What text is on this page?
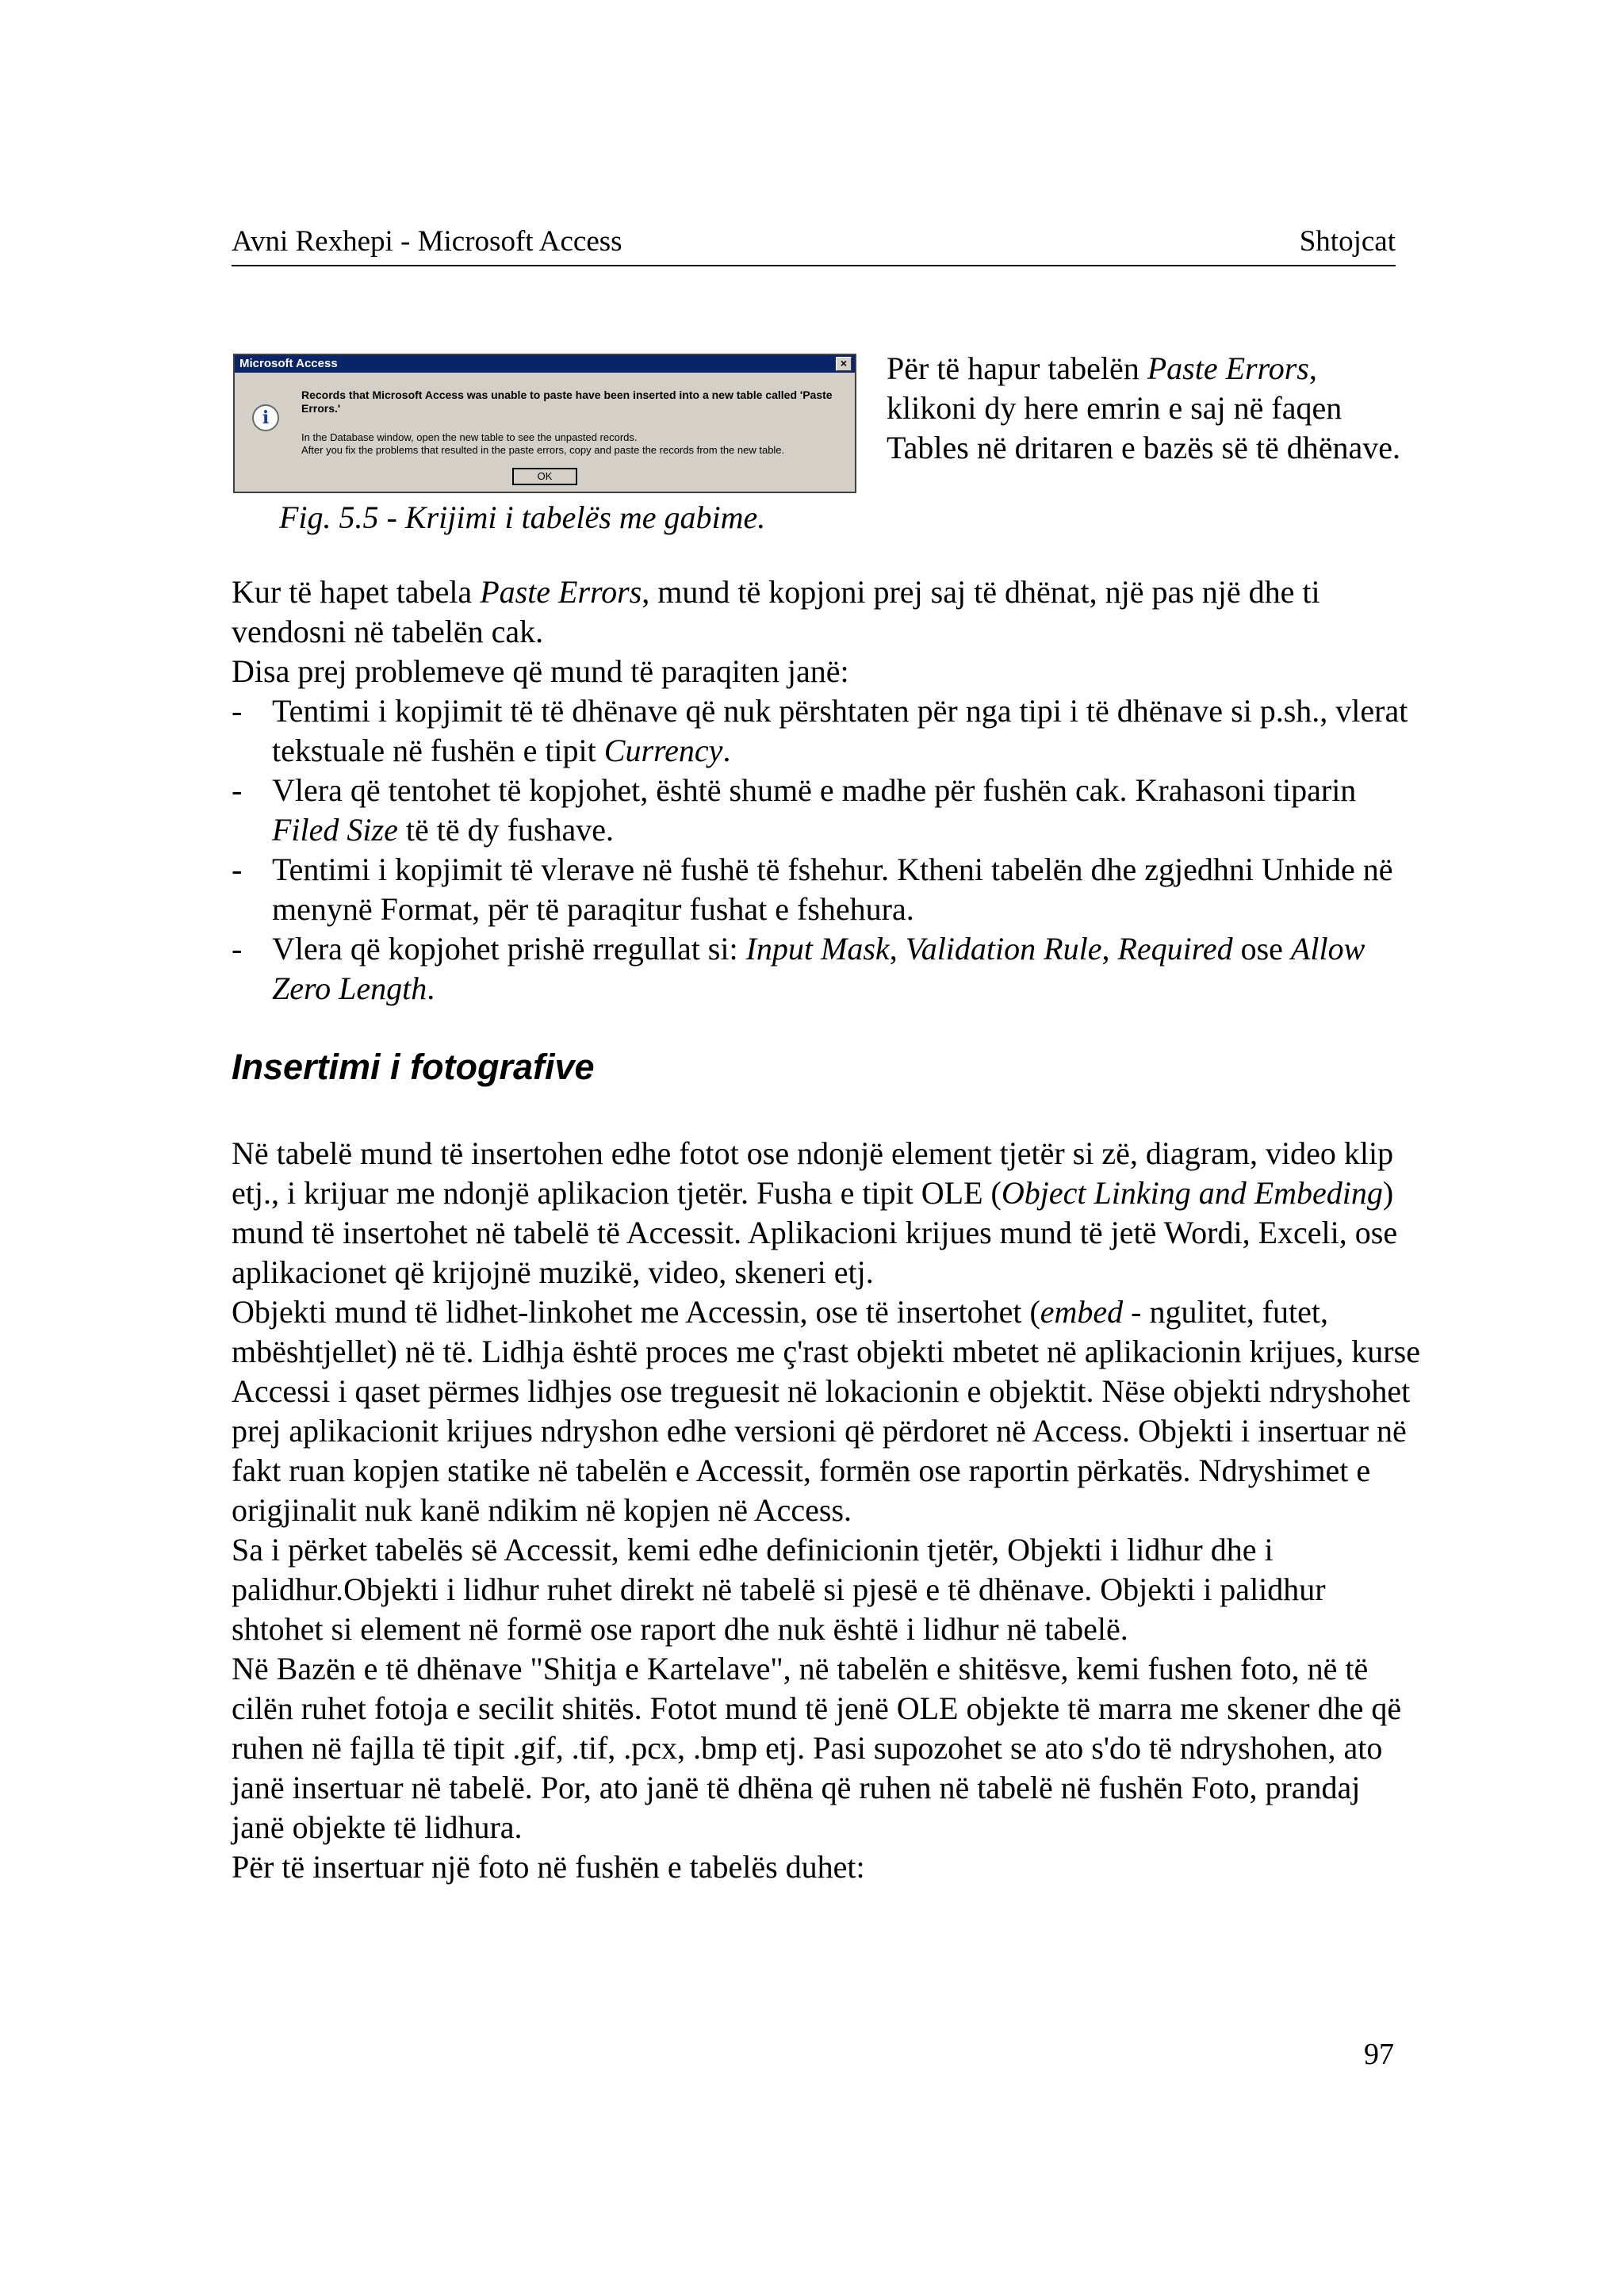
Avni Rexhepi - Microsoft Access	Shtojcat
Microsoft Access	×
i
Records that Microsoft Access was unable to paste have been inserted into a new table called 'Paste Errors.'
In the Database window, open the new table to see the unpasted records.
After you fix the problems that resulted in the paste errors, copy and paste the records from the new table.
OK
Fig. 5.5 - Krijimi i tabelës me gabime.
Për të hapur tabelën Paste Errors, klikoni dy here emrin e saj në faqen Tables në dritaren e bazës së të dhënave.

Kur të hapet tabela Paste Errors, mund të kopjoni prej saj të dhënat, një pas një dhe ti vendosni në tabelën cak.

Disa prej problemeve që mund të paraqiten janë:

- Tentimi i kopjimit të të dhënave që nuk përshtaten për nga tipi i të dhënave si p.sh., vlerat tekstuale në fushën e tipit Currency.
- Vlera që tentohet të kopjohet, është shumë e madhe për fushën cak. Krahasoni tiparin Filed Size të të dy fushave.
- Tentimi i kopjimit të vlerave në fushë të fshehur. Ktheni tabelën dhe zgjedhni Unhide në menynë Format, për të paraqitur fushat e fshehura.
- Vlera që kopjohet prishë rregullat si: Input Mask, Validation Rule, Required ose Allow Zero Length.
Insertimi i fotografive

Në tabelë mund të insertohen edhe fotot ose ndonjë element tjetër si zë, diagram, video klip etj., i krijuar me ndonjë aplikacion tjetër. Fusha e tipit OLE (Object Linking and Embeding) mund të insertohet në tabelë të Accessit. Aplikacioni krijues mund të jetë Wordi, Exceli, ose aplikacionet që krijojnë muzikë, video, skeneri etj.

Objekti mund të lidhet-linkohet me Accessin, ose të insertohet (embed - ngulitet, futet, mbështjellet) në të. Lidhja është proces me ç'rast objekti mbetet në aplikacionin krijues, kurse Accessi i qaset përmes lidhjes ose treguesit në lokacionin e objektit. Nëse objekti ndryshohet prej aplikacionit krijues ndryshon edhe versioni që përdoret në Access. Objekti i insertuar në fakt ruan kopjen statike në tabelën e Accessit, formën ose raportin përkatës. Ndryshimet e origjinalit nuk kanë ndikim në kopjen në Access.

Sa i përket tabelës së Accessit, kemi edhe definicionin tjetër, Objekti i lidhur dhe i palidhur.Objekti i lidhur ruhet direkt në tabelë si pjesë e të dhënave. Objekti i palidhur shtohet si element në formë ose raport dhe nuk është i lidhur në tabelë.

Në Bazën e të dhënave "Shitja e Kartelave", në tabelën e shitësve, kemi fushen foto, në të cilën ruhet fotoja e secilit shitës. Fotot mund të jenë OLE objekte të marra me skener dhe që ruhen në fajlla të tipit .gif, .tif, .pcx, .bmp etj. Pasi supozohet se ato s'do të ndryshohen, ato janë insertuar në tabelë. Por, ato janë të dhëna që ruhen në tabelë në fushën Foto, prandaj janë objekte të lidhura.

Për të insertuar një foto në fushën e tabelës duhet:

97
